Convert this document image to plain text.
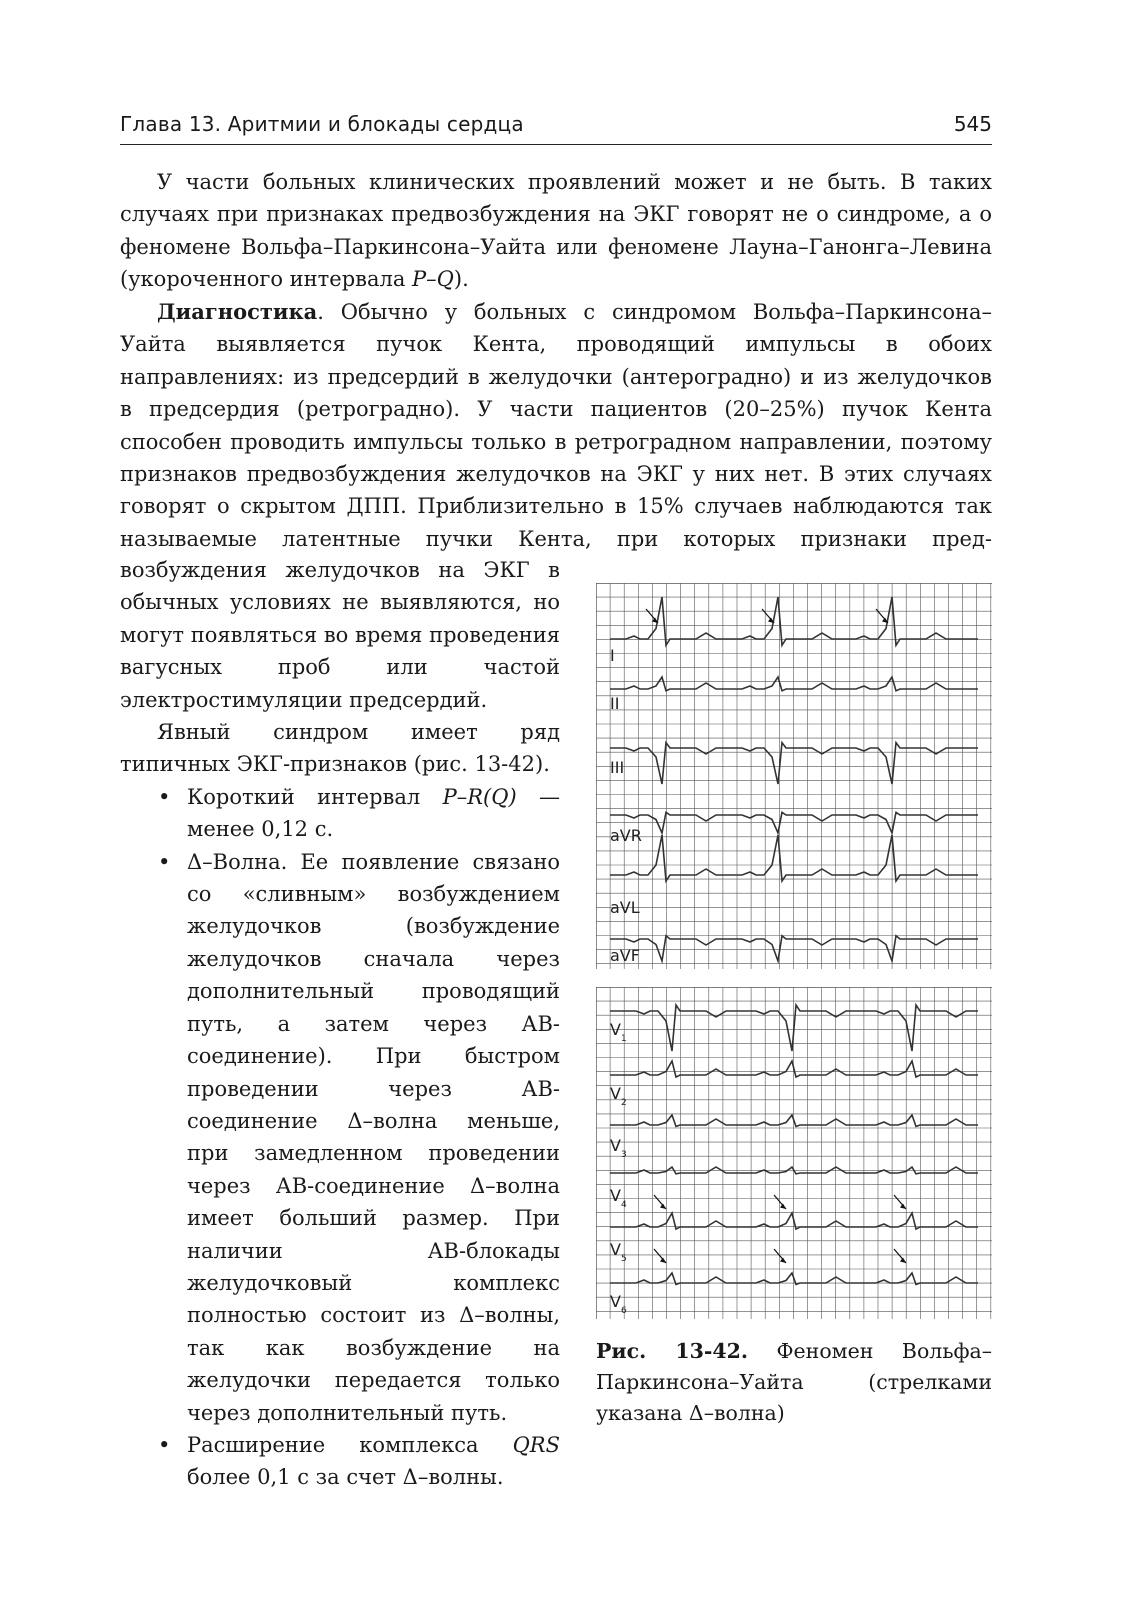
Глава 13. Аритмии и блокады сердца	545

У части больных клинических проявлений может и не быть. В таких случаях при признаках предвозбуждения на ЭКГ говорят не о синдроме, а о феномене Вольфа–Паркинсона–Уайта или феномене Лауна–Ганонга–Левина (укороченного интервала P–Q).

Диагностика. Обычно у больных с синдромом Вольфа–Паркинсона–Уайта выявляется пучок Кента, проводящий импульсы в обоих направлениях: из предсердий в желудочки (антероградно) и из желудочков в предсердия (ретроградно). У части пациентов (20–25%) пучок Кента способен проводить импульсы только в ретроградном направлении, поэтому признаков предвозбуждения желудочков на ЭКГ у них нет. В этих случаях говорят о скрытом ДПП. Приблизительно в 15% случаев наблюдаются так называемые латентные пучки Кента, при которых признаки пред-

возбуждения желудочков на ЭКГ в обычных условиях не выявляются, но могут появляться во время проведения вагусных проб или частой электростимуляции предсердий.

Явный синдром имеет ряд типичных ЭКГ-признаков (рис. 13-42).

• Короткий интервал P–R(Q) — менее 0,12 с.
• Δ–Волна. Ее появление связано со «сливным» возбуждением желудочков (возбуждение желудочков сначала через дополнительный проводящий путь, а затем через АВ-соединение). При быстром проведении через АВ-соединение Δ–волна меньше, при замедленном проведении через АВ-соединение Δ–волна имеет больший размер. При наличии АВ-блокады желудочковый комплекс полностью состоит из Δ–волны, так как возбуждение на желудочки передается только через дополнительный путь.
• Расширение комплекса QRS более 0,1 с за счет Δ–волны.
I
II
III
aVR
aVL
aVF
V 1
V 2
V 3
V 4
V 5
V 6
Рис. 13-42. Феномен Вольфа–Паркинсона–Уайта (стрелками указана Δ–волна)
